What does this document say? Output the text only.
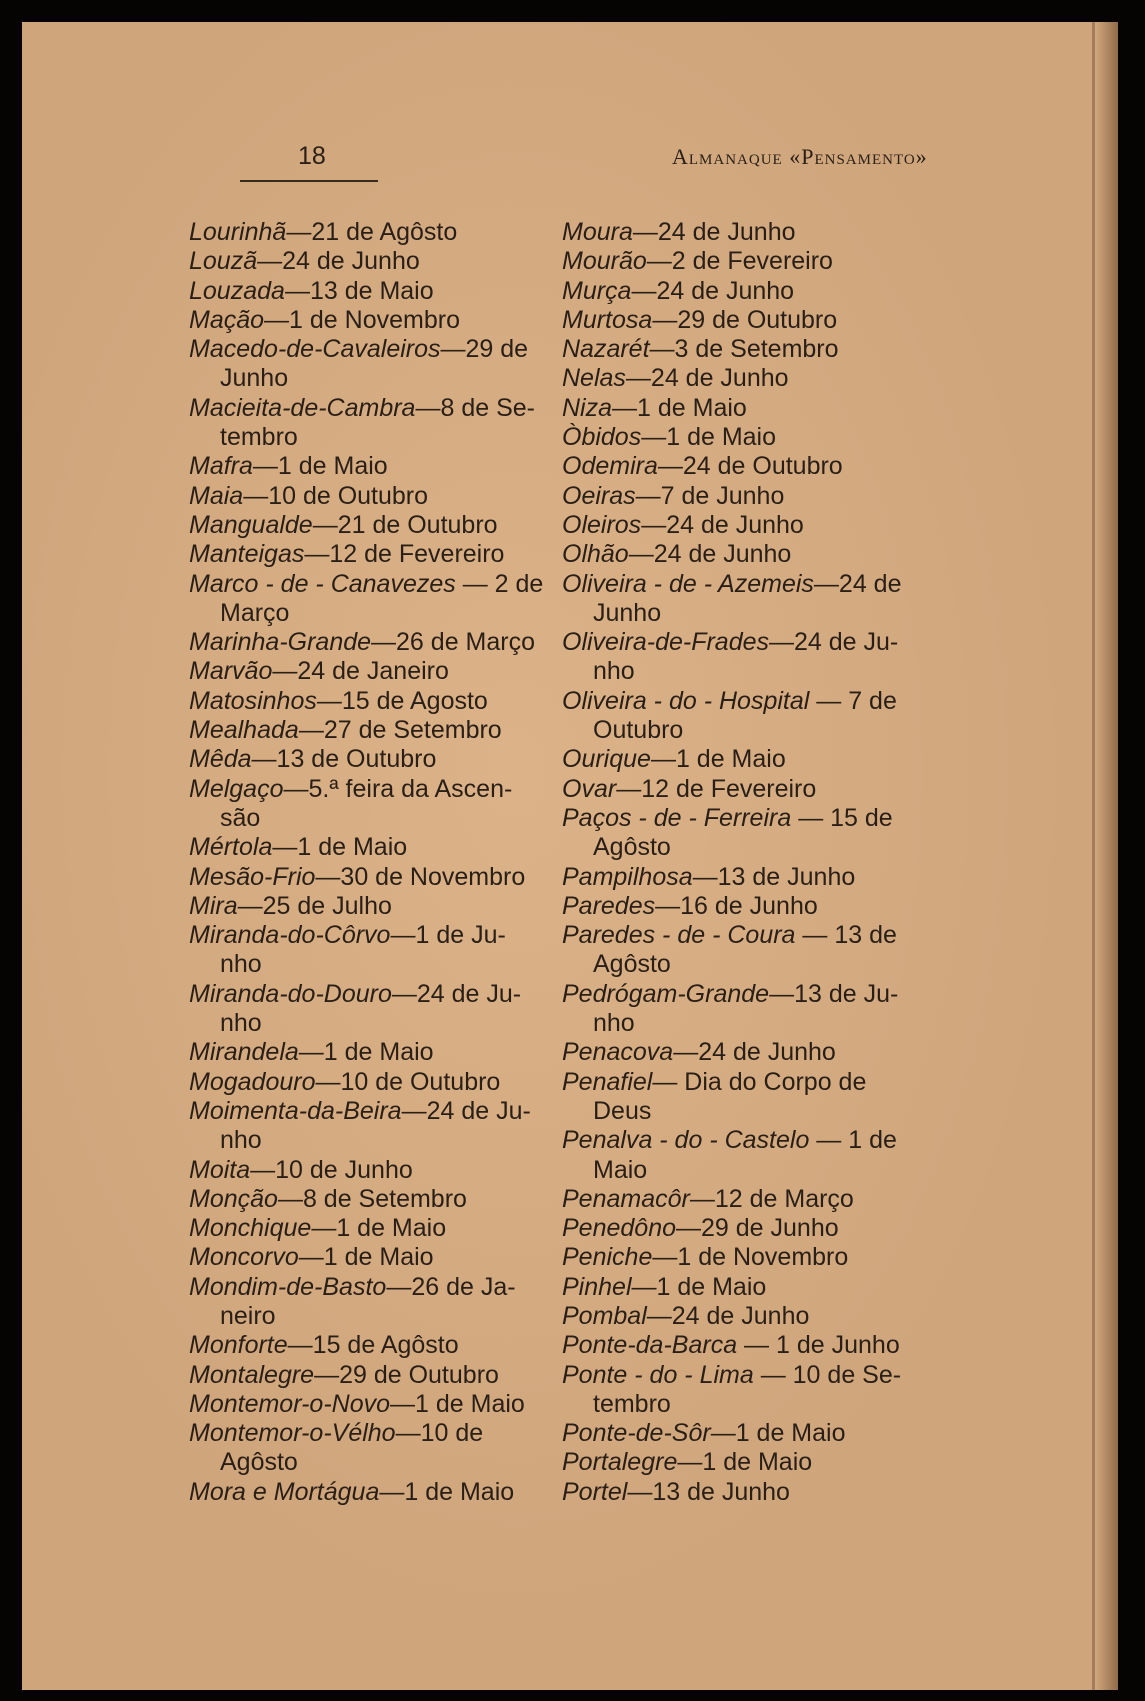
18	Almanaque «Pensamento»
Lourinhã—21 de Agôsto
Louzã—24 de Junho
Louzada—13 de Maio
Mação—1 de Novembro
Macedo-de-Cavaleiros—29 de
Junho
Macieita-de-Cambra—8 de Se-
tembro
Mafra—1 de Maio
Maia—10 de Outubro
Mangualde—21 de Outubro
Manteigas—12 de Fevereiro
Marco - de - Canavezes — 2 de
Março
Marinha-Grande—26 de Março
Marvão—24 de Janeiro
Matosinhos—15 de Agosto
Mealhada—27 de Setembro
Mêda—13 de Outubro
Melgaço—5.ª feira da Ascen-
são
Mértola—1 de Maio
Mesão-Frio—30 de Novembro
Mira—25 de Julho
Miranda-do-Côrvo—1 de Ju-
nho
Miranda-do-Douro—24 de Ju-
nho
Mirandela—1 de Maio
Mogadouro—10 de Outubro
Moimenta-da-Beira—24 de Ju-
nho
Moita—10 de Junho
Monção—8 de Setembro
Monchique—1 de Maio
Moncorvo—1 de Maio
Mondim-de-Basto—26 de Ja-
neiro
Monforte—15 de Agôsto
Montalegre—29 de Outubro
Montemor-o-Novo—1 de Maio
Montemor-o-Vélho—10 de
Agôsto
Mora e Mortágua—1 de Maio
Moura—24 de Junho
Mourão—2 de Fevereiro
Murça—24 de Junho
Murtosa—29 de Outubro
Nazarét—3 de Setembro
Nelas—24 de Junho
Niza—1 de Maio
Òbidos—1 de Maio
Odemira—24 de Outubro
Oeiras—7 de Junho
Oleiros—24 de Junho
Olhão—24 de Junho
Oliveira - de - Azemeis—24 de
Junho
Oliveira-de-Frades—24 de Ju-
nho
Oliveira - do - Hospital — 7 de
Outubro
Ourique—1 de Maio
Ovar—12 de Fevereiro
Paços - de - Ferreira — 15 de
Agôsto
Pampilhosa—13 de Junho
Paredes—16 de Junho
Paredes - de - Coura — 13 de
Agôsto
Pedrógam-Grande—13 de Ju-
nho
Penacova—24 de Junho
Penafiel— Dia do Corpo de
Deus
Penalva - do - Castelo — 1 de
Maio
Penamacôr—12 de Março
Penedôno—29 de Junho
Peniche—1 de Novembro
Pinhel—1 de Maio
Pombal—24 de Junho
Ponte-da-Barca — 1 de Junho
Ponte - do - Lima — 10 de Se-
tembro
Ponte-de-Sôr—1 de Maio
Portalegre—1 de Maio
Portel—13 de Junho
